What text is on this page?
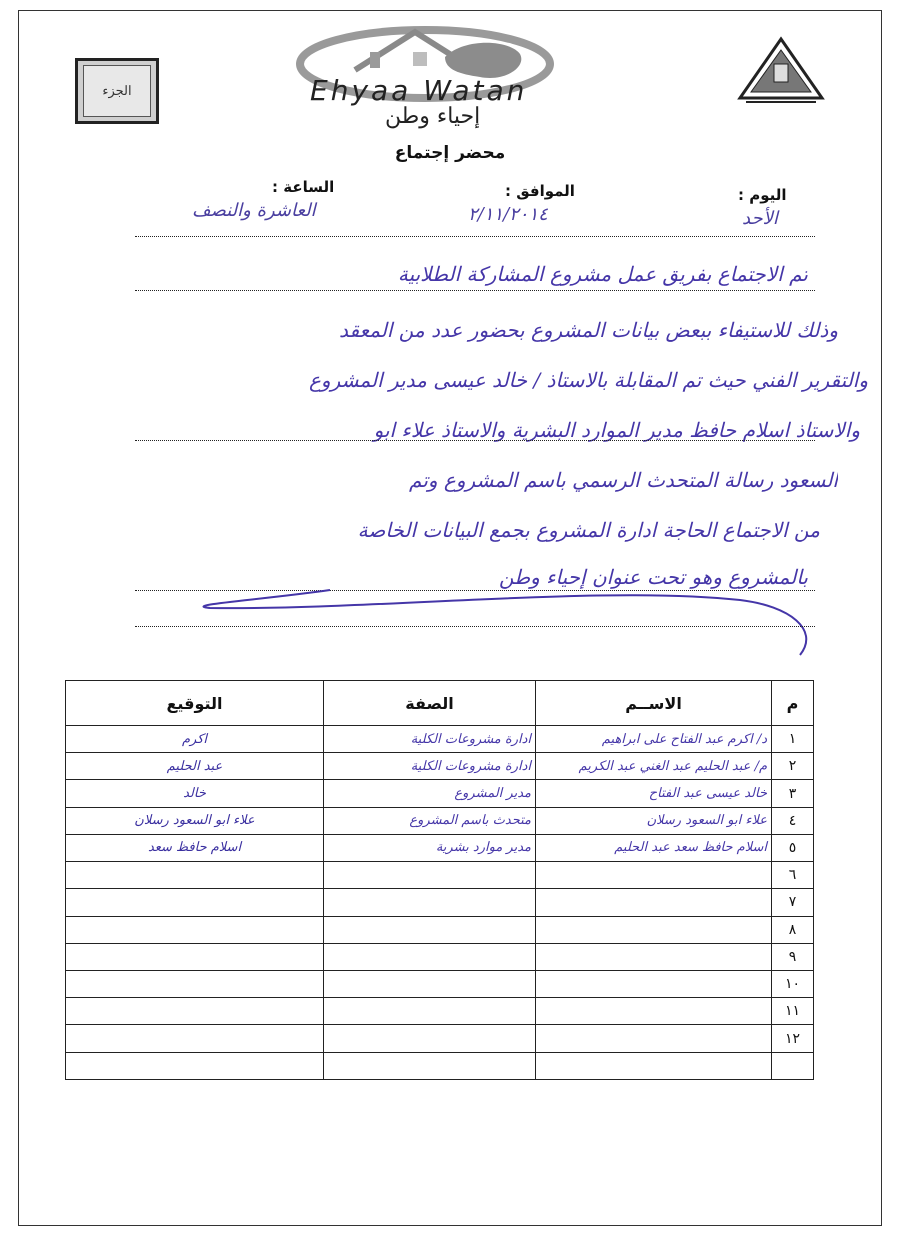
الجزء	Ehyaa Watan
إحياء وطن
محضر إجتماع
اليوم :
الأحد
الموافق :
٢/١١/٢٠١٤
الساعة :
العاشرة والنصف
تم الاجتماع بفريق عمل مشروع المشاركة الطلابية
وذلك للاستيفاء ببعض بيانات المشروع بحضور عدد من المعقد
والتقرير الفني حيث تم المقابلة بالاستاذ / خالد عيسى مدير المشروع
والاستاذ اسلام حافظ مدير الموارد البشرية والاستاذ علاء ابو
السعود رسالة المتحدث الرسمي باسم المشروع وتم
من الاجتماع الحاجة ادارة المشروع بجمع البيانات الخاصة
بالمشروع وهو تحت عنوان إحياء وطن
م	الاســم	الصفة	التوقيع
١	د/ اكرم عبد الفتاح على ابراهيم	ادارة مشروعات الكلية	اكرم
٢	م/ عبد الحليم عبد الغني عبد الكريم	ادارة مشروعات الكلية	عبد الحليم
٣	خالد عيسى عبد الفتاح	مدير المشروع	خالد
٤	علاء ابو السعود رسلان	متحدث باسم المشروع	علاء ابو السعود رسلان
٥	اسلام حافظ سعد عبد الحليم	مدير موارد بشرية	اسلام حافظ سعد
٦			
٧			
٨			
٩			
١٠			
١١			
١٢			
